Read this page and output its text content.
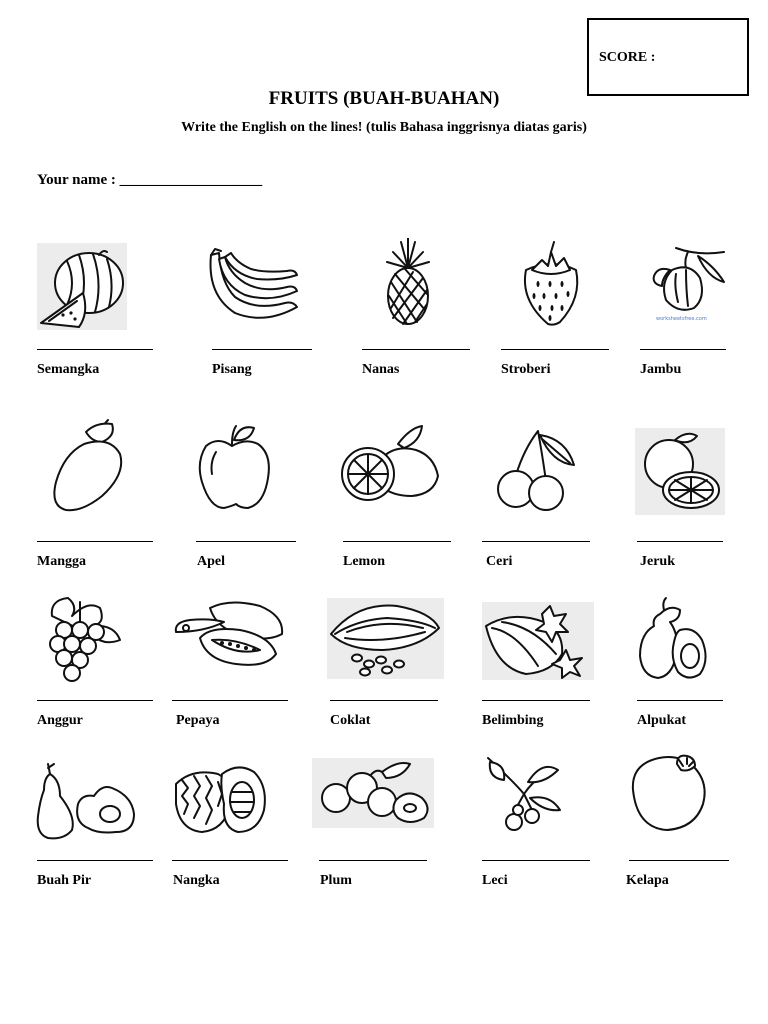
SCORE :
FRUITS (BUAH-BUAHAN)
Write the English on the lines! (tulis Bahasa inggrisnya diatas garis)
Your name : ___________________
worksheetsfree.com
Semangka	Pisang	Nanas	Stroberi	Jambu
Mangga	Apel	Lemon	Ceri	Jeruk
Anggur	Pepaya	Coklat	Belimbing	Alpukat
Buah Pir	Nangka	Plum	Leci	Kelapa
